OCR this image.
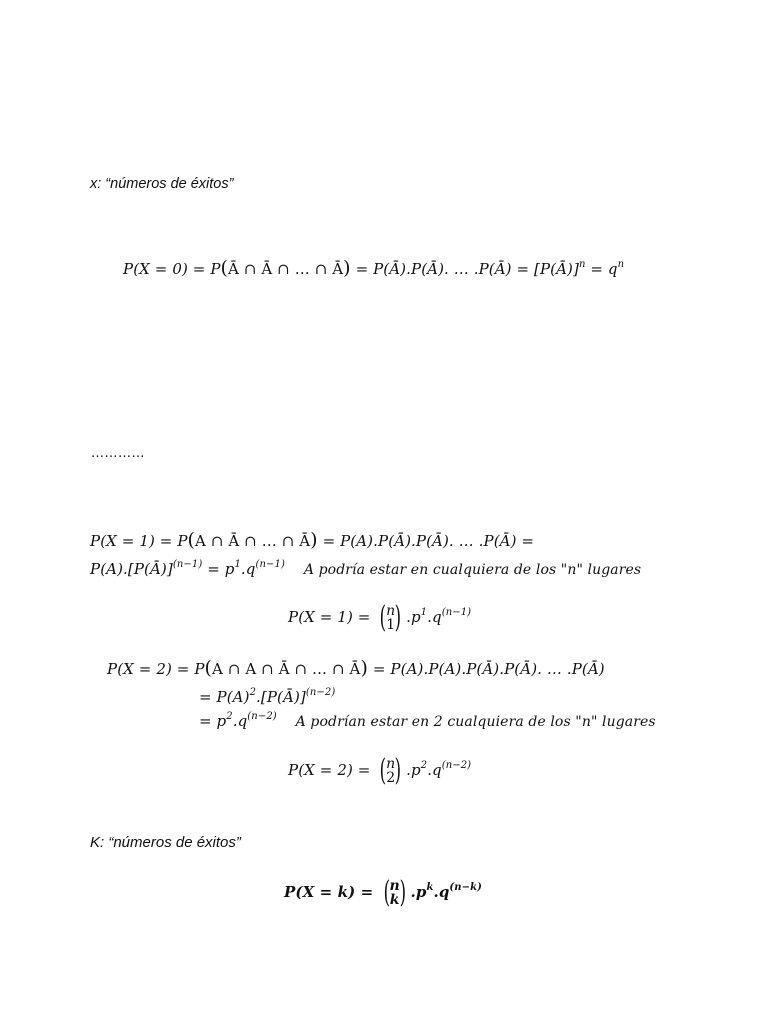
x: “números de éxitos”
P(X = 0) = P(Ā ∩ Ā ∩ … ∩ Ā) = P(Ā).P(Ā). … .P(Ā) = [P(Ā)]$^n$ = $q^n$
…………
P(X = 1) = P(A ∩ Ā ∩ … ∩ Ā) = P(A).P(Ā).P(Ā). … .P(Ā) =
P(A).[P(Ā)]$^{(n-1)}$ = $p^1.q^{(n-1)}$ A podría estar en cualquiera de los "n" lugares
P(X = 1) = (n
1) $.p^1.q^{(n-1)}$
P(X = 2) = P(A ∩ A ∩ Ā ∩ … ∩ Ā) = P(A).P(A).P(Ā).P(Ā). … .P(Ā)
= $P(A)^2.[P(Ā)]^{(n-2)}$
= $p^2.q^{(n-2)}$ A podrían estar en 2 cualquiera de los "n" lugares
P(X = 2) = (n
2) $.p^2.q^{(n-2)}$
K: “números de éxitos”
P(X = k) = (n
k) $.p^k.q^{(n-k)}$
